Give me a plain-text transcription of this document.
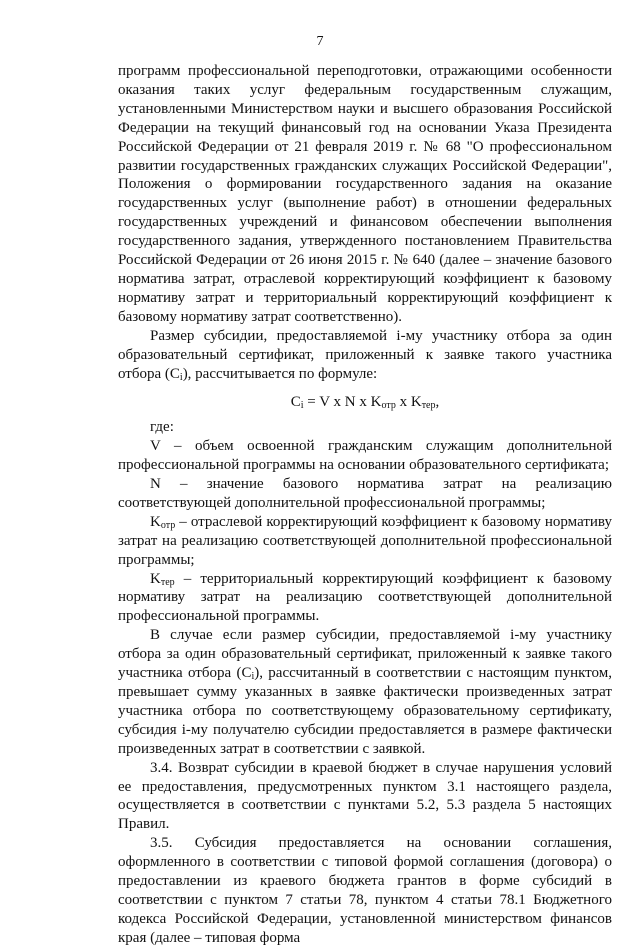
7

программ профессиональной переподготовки, отражающими особенности оказания таких услуг федеральным государственным служащим, установленными Министерством науки и высшего образования Российской Федерации на текущий финансовый год на основании Указа Президента Российской Федерации от 21 февраля 2019 г. № 68 "О профессиональном развитии государственных гражданских служащих Российской Федерации", Положения о формировании государственного задания на оказание государственных услуг (выполнение работ) в отношении федеральных государственных учреждений и финансовом обеспечении выполнения государственного задания, утвержденного постановлением Правительства Российской Федерации от 26 июня 2015 г. № 640 (далее – значение базового норматива затрат, отраслевой корректирующий коэффициент к базовому нормативу затрат и территориальный корректирующий коэффициент к базовому нормативу затрат соответственно).

Размер субсидии, предоставляемой i-му участнику отбора за один образовательный сертификат, приложенный к заявке такого участника отбора $(C_i)$, рассчитывается по формуле:

$C_i = V$ x N x $K_{отр}$ x $K_{тер}$,

где:

V – объем освоенной гражданским служащим дополнительной профессиональной программы на основании образовательного сертификата;

N – значение базового норматива затрат на реализацию соответствующей дополнительной профессиональной программы;

$K_{отр}$ – отраслевой корректирующий коэффициент к базовому нормативу затрат на реализацию соответствующей дополнительной профессиональной программы;

$K_{тер}$ – территориальный корректирующий коэффициент к базовому нормативу затрат на реализацию соответствующей дополнительной профессиональной программы.

В случае если размер субсидии, предоставляемой i-му участнику отбора за один образовательный сертификат, приложенный к заявке такого участника отбора $(C_i)$, рассчитанный в соответствии с настоящим пунктом, превышает сумму указанных в заявке фактически произведенных затрат участника отбора по соответствующему образовательному сертификату, субсидия i-му получателю субсидии предоставляется в размере фактически произведенных затрат в соответствии с заявкой.

3.4. Возврат субсидии в краевой бюджет в случае нарушения условий ее предоставления, предусмотренных пунктом 3.1 настоящего раздела, осуществляется в соответствии с пунктами 5.2, 5.3 раздела 5 настоящих Правил.

3.5. Субсидия предоставляется на основании соглашения, оформленного в соответствии с типовой формой соглашения (договора) о предоставлении из краевого бюджета грантов в форме субсидий в соответствии с пунктом 7 статьи 78, пунктом 4 статьи 78.1 Бюджетного кодекса Российской Федерации, установленной министерством финансов края (далее – типовая форма
